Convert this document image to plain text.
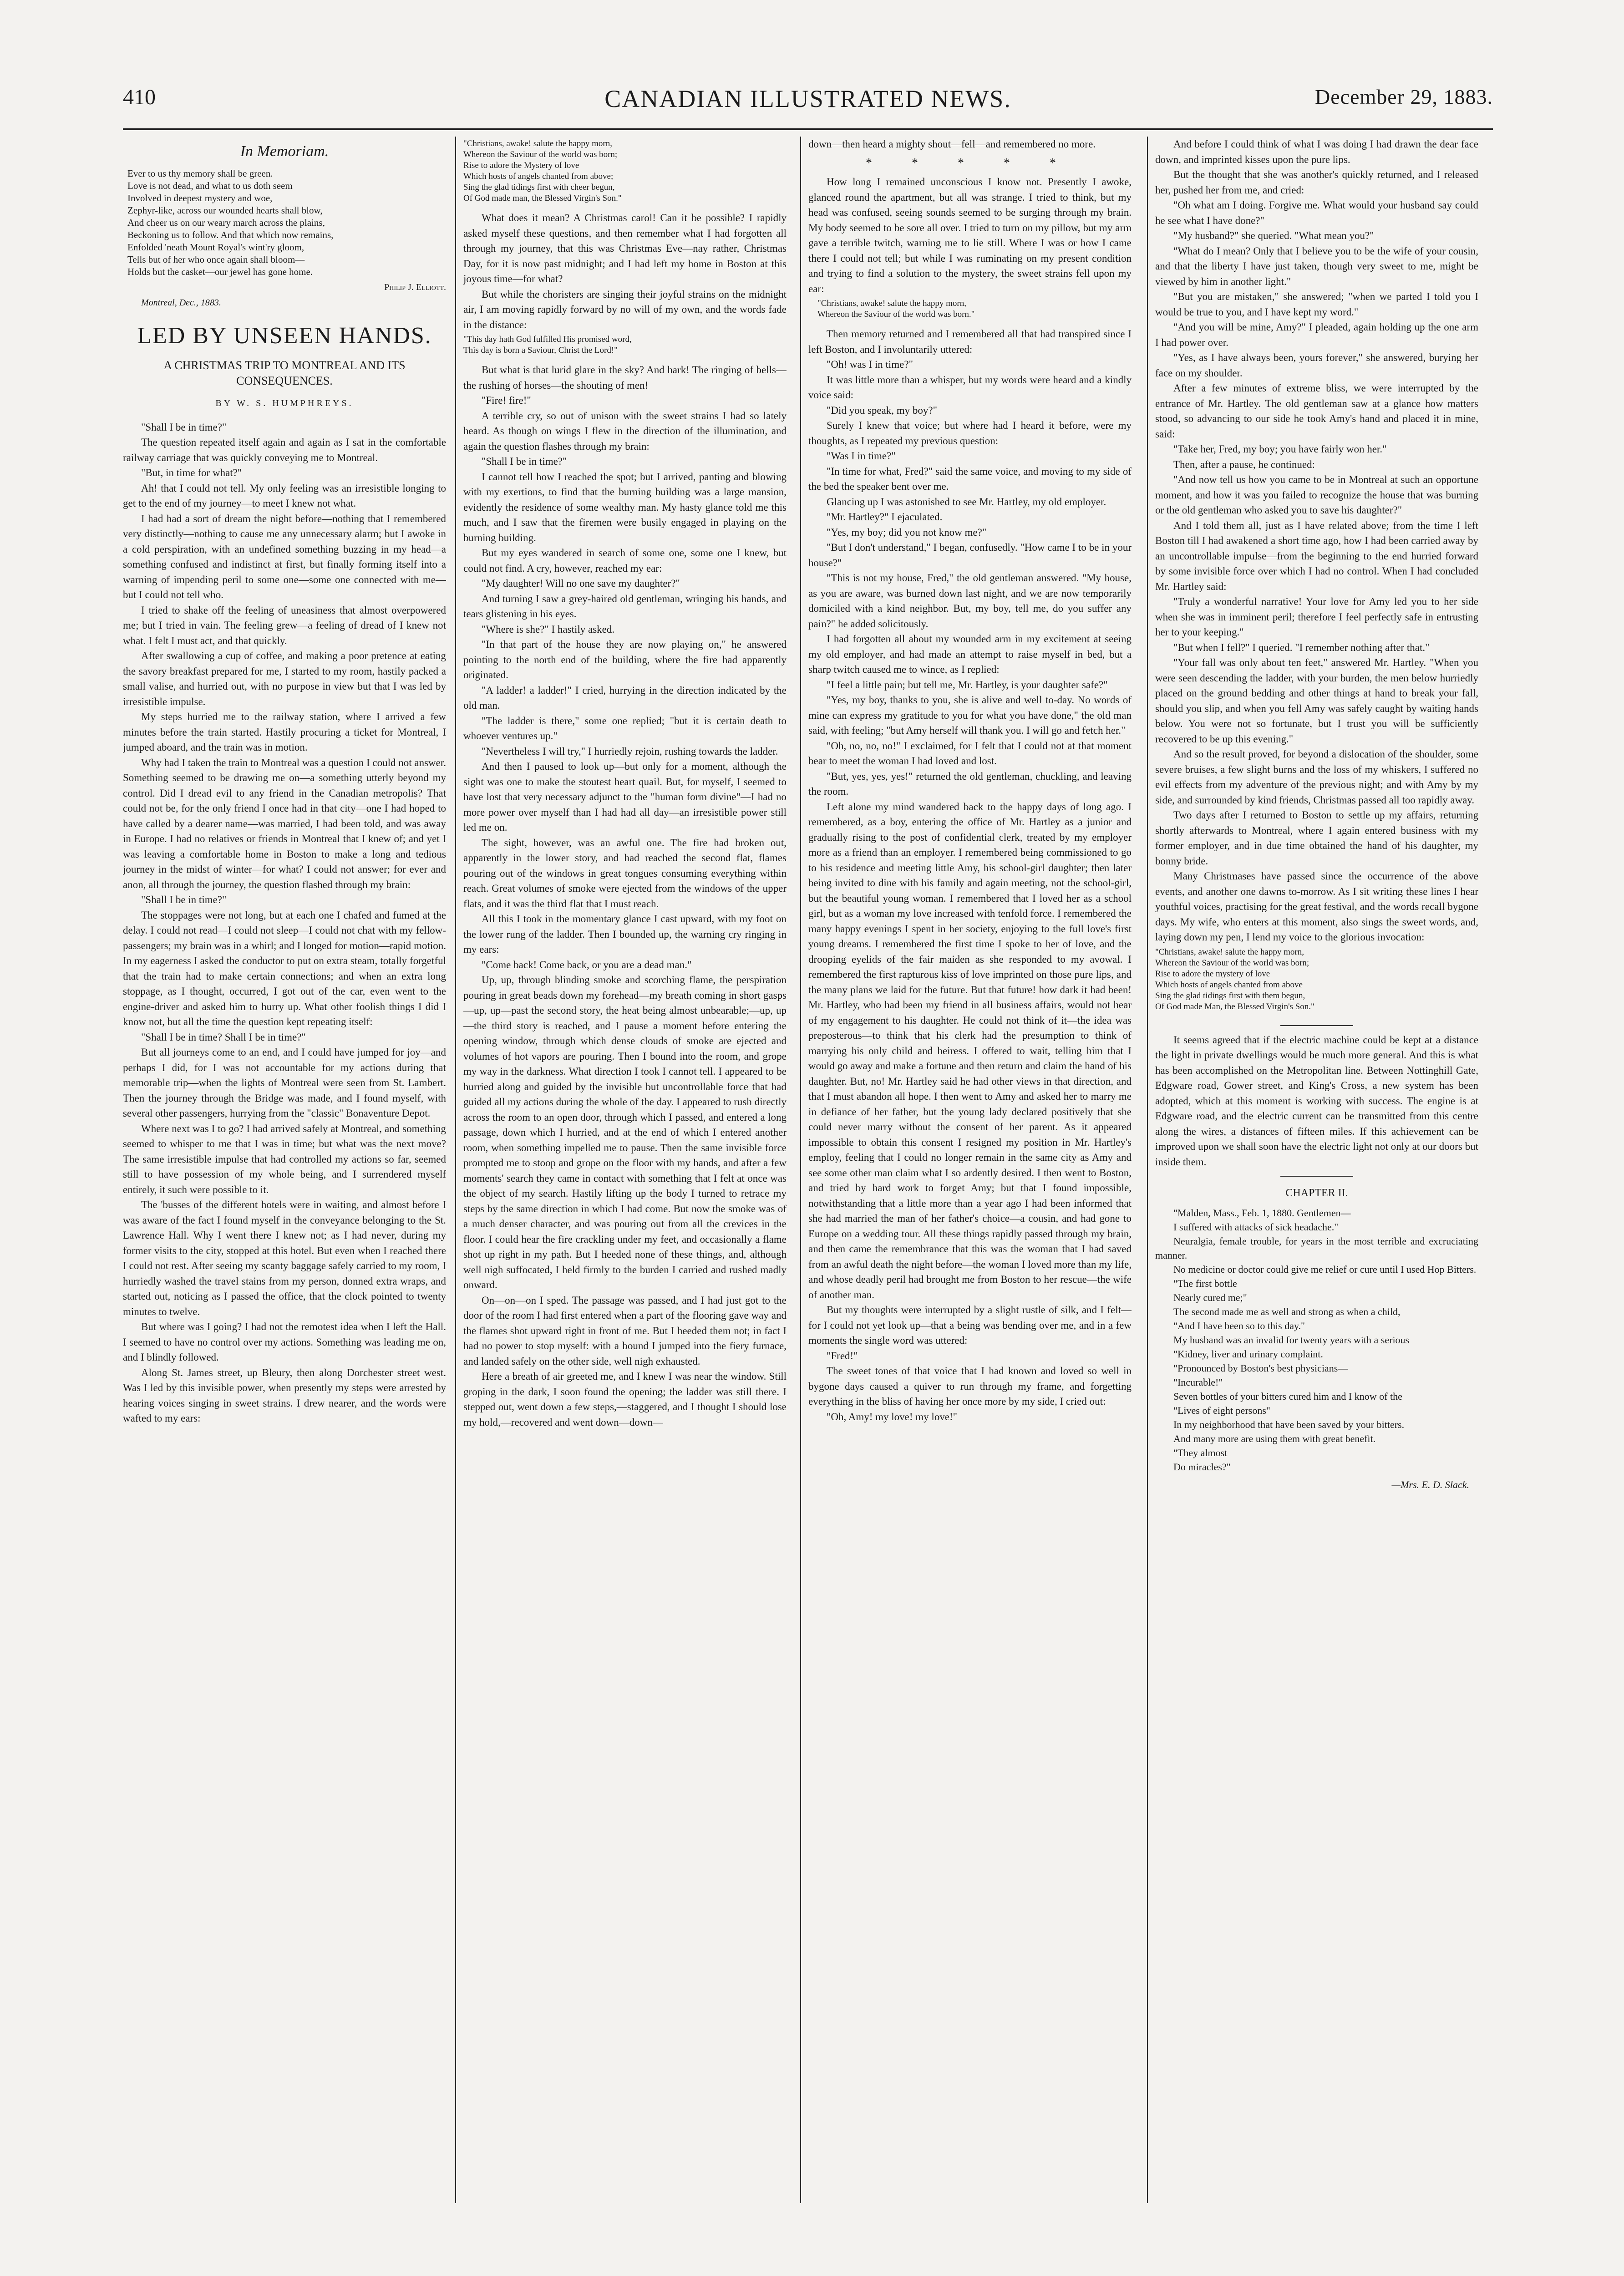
410	CANADIAN ILLUSTRATED NEWS.	December 29, 1883.
In Memoriam.
Ever to us thy memory shall be green.
Love is not dead, and what to us doth seem
Involved in deepest mystery and woe,
Zephyr-like, across our wounded hearts shall blow,
And cheer us on our weary march across the plains,
Beckoning us to follow. And that which now remains,
Enfolded 'neath Mount Royal's wint'ry gloom,
Tells but of her who once again shall bloom—
Holds but the casket—our jewel has gone home.
Philip J. Elliott.
Montreal, Dec., 1883.
LED BY UNSEEN HANDS.
A CHRISTMAS TRIP TO MONTREAL AND ITS CONSEQUENCES.
BY W. S. HUMPHREYS.

"Shall I be in time?"

The question repeated itself again and again as I sat in the comfortable railway carriage that was quickly conveying me to Montreal.

"But, in time for what?"

Ah! that I could not tell. My only feeling was an irresistible longing to get to the end of my journey—to meet I knew not what.

I had had a sort of dream the night before—nothing that I remembered very distinctly—nothing to cause me any unnecessary alarm; but I awoke in a cold perspiration, with an undefined something buzzing in my head—a something confused and indistinct at first, but finally forming itself into a warning of impending peril to some one—some one connected with me—but I could not tell who.

I tried to shake off the feeling of uneasiness that almost overpowered me; but I tried in vain. The feeling grew—a feeling of dread of I knew not what. I felt I must act, and that quickly.

After swallowing a cup of coffee, and making a poor pretence at eating the savory breakfast prepared for me, I started to my room, hastily packed a small valise, and hurried out, with no purpose in view but that I was led by irresistible impulse.

My steps hurried me to the railway station, where I arrived a few minutes before the train started. Hastily procuring a ticket for Montreal, I jumped aboard, and the train was in motion.

Why had I taken the train to Montreal was a question I could not answer. Something seemed to be drawing me on—a something utterly beyond my control. Did I dread evil to any friend in the Canadian metropolis? That could not be, for the only friend I once had in that city—one I had hoped to have called by a dearer name—was married, I had been told, and was away in Europe. I had no relatives or friends in Montreal that I knew of; and yet I was leaving a comfortable home in Boston to make a long and tedious journey in the midst of winter—for what? I could not answer; for ever and anon, all through the journey, the question flashed through my brain:

"Shall I be in time?"

The stoppages were not long, but at each one I chafed and fumed at the delay. I could not read—I could not sleep—I could not chat with my fellow-passengers; my brain was in a whirl; and I longed for motion—rapid motion. In my eagerness I asked the conductor to put on extra steam, totally forgetful that the train had to make certain connections; and when an extra long stoppage, as I thought, occurred, I got out of the car, even went to the engine-driver and asked him to hurry up. What other foolish things I did I know not, but all the time the question kept repeating itself:

"Shall I be in time? Shall I be in time?"

But all journeys come to an end, and I could have jumped for joy—and perhaps I did, for I was not accountable for my actions during that memorable trip—when the lights of Montreal were seen from St. Lambert. Then the journey through the Bridge was made, and I found myself, with several other passengers, hurrying from the "classic" Bonaventure Depot.

Where next was I to go? I had arrived safely at Montreal, and something seemed to whisper to me that I was in time; but what was the next move? The same irresistible impulse that had controlled my actions so far, seemed still to have possession of my whole being, and I surrendered myself entirely, it such were possible to it.

The 'busses of the different hotels were in waiting, and almost before I was aware of the fact I found myself in the conveyance belonging to the St. Lawrence Hall. Why I went there I knew not; as I had never, during my former visits to the city, stopped at this hotel. But even when I reached there I could not rest. After seeing my scanty baggage safely carried to my room, I hurriedly washed the travel stains from my person, donned extra wraps, and started out, noticing as I passed the office, that the clock pointed to twenty minutes to twelve.

But where was I going? I had not the remotest idea when I left the Hall. I seemed to have no control over my actions. Something was leading me on, and I blindly followed.

Along St. James street, up Bleury, then along Dorchester street west. Was I led by this invisible power, when presently my steps were arrested by hearing voices singing in sweet strains. I drew nearer, and the words were wafted to my ears:

"Christians, awake! salute the happy morn,
Whereon the Saviour of the world was born;
Rise to adore the Mystery of love
Which hosts of angels chanted from above;
Sing the glad tidings first with cheer begun,
Of God made man, the Blessed Virgin's Son."

What does it mean? A Christmas carol! Can it be possible? I rapidly asked myself these questions, and then remember what I had forgotten all through my journey, that this was Christmas Eve—nay rather, Christmas Day, for it is now past midnight; and I had left my home in Boston at this joyous time—for what?

But while the choristers are singing their joyful strains on the midnight air, I am moving rapidly forward by no will of my own, and the words fade in the distance:

"This day hath God fulfilled His promised word,
This day is born a Saviour, Christ the Lord!"

But what is that lurid glare in the sky? And hark! The ringing of bells—the rushing of horses—the shouting of men!

"Fire! fire!"

A terrible cry, so out of unison with the sweet strains I had so lately heard. As though on wings I flew in the direction of the illumination, and again the question flashes through my brain:

"Shall I be in time?"

I cannot tell how I reached the spot; but I arrived, panting and blowing with my exertions, to find that the burning building was a large mansion, evidently the residence of some wealthy man. My hasty glance told me this much, and I saw that the firemen were busily engaged in playing on the burning building.

But my eyes wandered in search of some one, some one I knew, but could not find. A cry, however, reached my ear:

"My daughter! Will no one save my daughter?"

And turning I saw a grey-haired old gentleman, wringing his hands, and tears glistening in his eyes.

"Where is she?" I hastily asked.

"In that part of the house they are now playing on," he answered pointing to the north end of the building, where the fire had apparently originated.

"A ladder! a ladder!" I cried, hurrying in the direction indicated by the old man.

"The ladder is there," some one replied; "but it is certain death to whoever ventures up."

"Nevertheless I will try," I hurriedly rejoin, rushing towards the ladder.

And then I paused to look up—but only for a moment, although the sight was one to make the stoutest heart quail. But, for myself, I seemed to have lost that very necessary adjunct to the "human form divine"—I had no more power over myself than I had had all day—an irresistible power still led me on.

The sight, however, was an awful one. The fire had broken out, apparently in the lower story, and had reached the second flat, flames pouring out of the windows in great tongues consuming everything within reach. Great volumes of smoke were ejected from the windows of the upper flats, and it was the third flat that I must reach.

All this I took in the momentary glance I cast upward, with my foot on the lower rung of the ladder. Then I bounded up, the warning cry ringing in my ears:

"Come back! Come back, or you are a dead man."

Up, up, through blinding smoke and scorching flame, the perspiration pouring in great beads down my forehead—my breath coming in short gasps—up, up—past the second story, the heat being almost unbearable;—up, up—the third story is reached, and I pause a moment before entering the opening window, through which dense clouds of smoke are ejected and volumes of hot vapors are pouring. Then I bound into the room, and grope my way in the darkness. What direction I took I cannot tell. I appeared to be hurried along and guided by the invisible but uncontrollable force that had guided all my actions during the whole of the day. I appeared to rush directly across the room to an open door, through which I passed, and entered a long passage, down which I hurried, and at the end of which I entered another room, when something impelled me to pause. Then the same invisible force prompted me to stoop and grope on the floor with my hands, and after a few moments' search they came in contact with something that I felt at once was the object of my search. Hastily lifting up the body I turned to retrace my steps by the same direction in which I had come. But now the smoke was of a much denser character, and was pouring out from all the crevices in the floor. I could hear the fire crackling under my feet, and occasionally a flame shot up right in my path. But I heeded none of these things, and, although well nigh suffocated, I held firmly to the burden I carried and rushed madly onward.

On—on—on I sped. The passage was passed, and I had just got to the door of the room I had first entered when a part of the flooring gave way and the flames shot upward right in front of me. But I heeded them not; in fact I had no power to stop myself: with a bound I jumped into the fiery furnace, and landed safely on the other side, well nigh exhausted.

Here a breath of air greeted me, and I knew I was near the window. Still groping in the dark, I soon found the opening; the ladder was still there. I stepped out, went down a few steps,—staggered, and I thought I should lose my hold,—recovered and went down—down—

down—then heard a mighty shout—fell—and remembered no more.

* * * * *

How long I remained unconscious I know not. Presently I awoke, glanced round the apartment, but all was strange. I tried to think, but my head was confused, seeing sounds seemed to be surging through my brain. My body seemed to be sore all over. I tried to turn on my pillow, but my arm gave a terrible twitch, warning me to lie still. Where I was or how I came there I could not tell; but while I was ruminating on my present condition and trying to find a solution to the mystery, the sweet strains fell upon my ear:

"Christians, awake! salute the happy morn,
Whereon the Saviour of the world was born."

Then memory returned and I remembered all that had transpired since I left Boston, and I involuntarily uttered:

"Oh! was I in time?"

It was little more than a whisper, but my words were heard and a kindly voice said:

"Did you speak, my boy?"

Surely I knew that voice; but where had I heard it before, were my thoughts, as I repeated my previous question:

"Was I in time?"

"In time for what, Fred?" said the same voice, and moving to my side of the bed the speaker bent over me.

Glancing up I was astonished to see Mr. Hartley, my old employer.

"Mr. Hartley?" I ejaculated.

"Yes, my boy; did you not know me?"

"But I don't understand," I began, confusedly. "How came I to be in your house?"

"This is not my house, Fred," the old gentleman answered. "My house, as you are aware, was burned down last night, and we are now temporarily domiciled with a kind neighbor. But, my boy, tell me, do you suffer any pain?" he added solicitously.

I had forgotten all about my wounded arm in my excitement at seeing my old employer, and had made an attempt to raise myself in bed, but a sharp twitch caused me to wince, as I replied:

"I feel a little pain; but tell me, Mr. Hartley, is your daughter safe?"

"Yes, my boy, thanks to you, she is alive and well to-day. No words of mine can express my gratitude to you for what you have done," the old man said, with feeling; "but Amy herself will thank you. I will go and fetch her."

"Oh, no, no, no!" I exclaimed, for I felt that I could not at that moment bear to meet the woman I had loved and lost.

"But, yes, yes, yes!" returned the old gentleman, chuckling, and leaving the room.

Left alone my mind wandered back to the happy days of long ago. I remembered, as a boy, entering the office of Mr. Hartley as a junior and gradually rising to the post of confidential clerk, treated by my employer more as a friend than an employer. I remembered being commissioned to go to his residence and meeting little Amy, his school-girl daughter; then later being invited to dine with his family and again meeting, not the school-girl, but the beautiful young woman. I remembered that I loved her as a school girl, but as a woman my love increased with tenfold force. I remembered the many happy evenings I spent in her society, enjoying to the full love's first young dreams. I remembered the first time I spoke to her of love, and the drooping eyelids of the fair maiden as she responded to my avowal. I remembered the first rapturous kiss of love imprinted on those pure lips, and the many plans we laid for the future. But that future! how dark it had been! Mr. Hartley, who had been my friend in all business affairs, would not hear of my engagement to his daughter. He could not think of it—the idea was preposterous—to think that his clerk had the presumption to think of marrying his only child and heiress. I offered to wait, telling him that I would go away and make a fortune and then return and claim the hand of his daughter. But, no! Mr. Hartley said he had other views in that direction, and that I must abandon all hope. I then went to Amy and asked her to marry me in defiance of her father, but the young lady declared positively that she could never marry without the consent of her parent. As it appeared impossible to obtain this consent I resigned my position in Mr. Hartley's employ, feeling that I could no longer remain in the same city as Amy and see some other man claim what I so ardently desired. I then went to Boston, and tried by hard work to forget Amy; but that I found impossible, notwithstanding that a little more than a year ago I had been informed that she had married the man of her father's choice—a cousin, and had gone to Europe on a wedding tour. All these things rapidly passed through my brain, and then came the remembrance that this was the woman that I had saved from an awful death the night before—the woman I loved more than my life, and whose deadly peril had brought me from Boston to her rescue—the wife of another man.

But my thoughts were interrupted by a slight rustle of silk, and I felt—for I could not yet look up—that a being was bending over me, and in a few moments the single word was uttered:

"Fred!"

The sweet tones of that voice that I had known and loved so well in bygone days caused a quiver to run through my frame, and forgetting everything in the bliss of having her once more by my side, I cried out:

"Oh, Amy! my love! my love!"

And before I could think of what I was doing I had drawn the dear face down, and imprinted kisses upon the pure lips.

But the thought that she was another's quickly returned, and I released her, pushed her from me, and cried:

"Oh what am I doing. Forgive me. What would your husband say could he see what I have done?"

"My husband?" she queried. "What mean you?"

"What do I mean? Only that I believe you to be the wife of your cousin, and that the liberty I have just taken, though very sweet to me, might be viewed by him in another light."

"But you are mistaken," she answered; "when we parted I told you I would be true to you, and I have kept my word."

"And you will be mine, Amy?" I pleaded, again holding up the one arm I had power over.

"Yes, as I have always been, yours forever," she answered, burying her face on my shoulder.

After a few minutes of extreme bliss, we were interrupted by the entrance of Mr. Hartley. The old gentleman saw at a glance how matters stood, so advancing to our side he took Amy's hand and placed it in mine, said:

"Take her, Fred, my boy; you have fairly won her."

Then, after a pause, he continued:

"And now tell us how you came to be in Montreal at such an opportune moment, and how it was you failed to recognize the house that was burning or the old gentleman who asked you to save his daughter?"

And I told them all, just as I have related above; from the time I left Boston till I had awakened a short time ago, how I had been carried away by an uncontrollable impulse—from the beginning to the end hurried forward by some invisible force over which I had no control. When I had concluded Mr. Hartley said:

"Truly a wonderful narrative! Your love for Amy led you to her side when she was in imminent peril; therefore I feel perfectly safe in entrusting her to your keeping."

"But when I fell?" I queried. "I remember nothing after that."

"Your fall was only about ten feet," answered Mr. Hartley. "When you were seen descending the ladder, with your burden, the men below hurriedly placed on the ground bedding and other things at hand to break your fall, should you slip, and when you fell Amy was safely caught by waiting hands below. You were not so fortunate, but I trust you will be sufficiently recovered to be up this evening."

And so the result proved, for beyond a dislocation of the shoulder, some severe bruises, a few slight burns and the loss of my whiskers, I suffered no evil effects from my adventure of the previous night; and with Amy by my side, and surrounded by kind friends, Christmas passed all too rapidly away.

Two days after I returned to Boston to settle up my affairs, returning shortly afterwards to Montreal, where I again entered business with my former employer, and in due time obtained the hand of his daughter, my bonny bride.

Many Christmases have passed since the occurrence of the above events, and another one dawns to-morrow. As I sit writing these lines I hear youthful voices, practising for the great festival, and the words recall bygone days. My wife, who enters at this moment, also sings the sweet words, and, laying down my pen, I lend my voice to the glorious invocation:

"Christians, awake! salute the happy morn,
Whereon the Saviour of the world was born;
Rise to adore the mystery of love
Which hosts of angels chanted from above
Sing the glad tidings first with them begun,
Of God made Man, the Blessed Virgin's Son."

It seems agreed that if the electric machine could be kept at a distance the light in private dwellings would be much more general. And this is what has been accomplished on the Metropolitan line. Between Nottinghill Gate, Edgware road, Gower street, and King's Cross, a new system has been adopted, which at this moment is working with success. The engine is at Edgware road, and the electric current can be transmitted from this centre along the wires, a distances of fifteen miles. If this achievement can be improved upon we shall soon have the electric light not only at our doors but inside them.

CHAPTER II.

"Malden, Mass., Feb. 1, 1880. Gentlemen—

I suffered with attacks of sick headache."

Neuralgia, female trouble, for years in the most terrible and excruciating manner.

No medicine or doctor could give me relief or cure until I used Hop Bitters.

"The first bottle

Nearly cured me;"

The second made me as well and strong as when a child,

"And I have been so to this day."

My husband was an invalid for twenty years with a serious

"Kidney, liver and urinary complaint.

"Pronounced by Boston's best physicians—

"Incurable!"

Seven bottles of your bitters cured him and I know of the

"Lives of eight persons"

In my neighborhood that have been saved by your bitters.

And many more are using them with great benefit.

"They almost

Do miracles?"

—Mrs. E. D. Slack.
